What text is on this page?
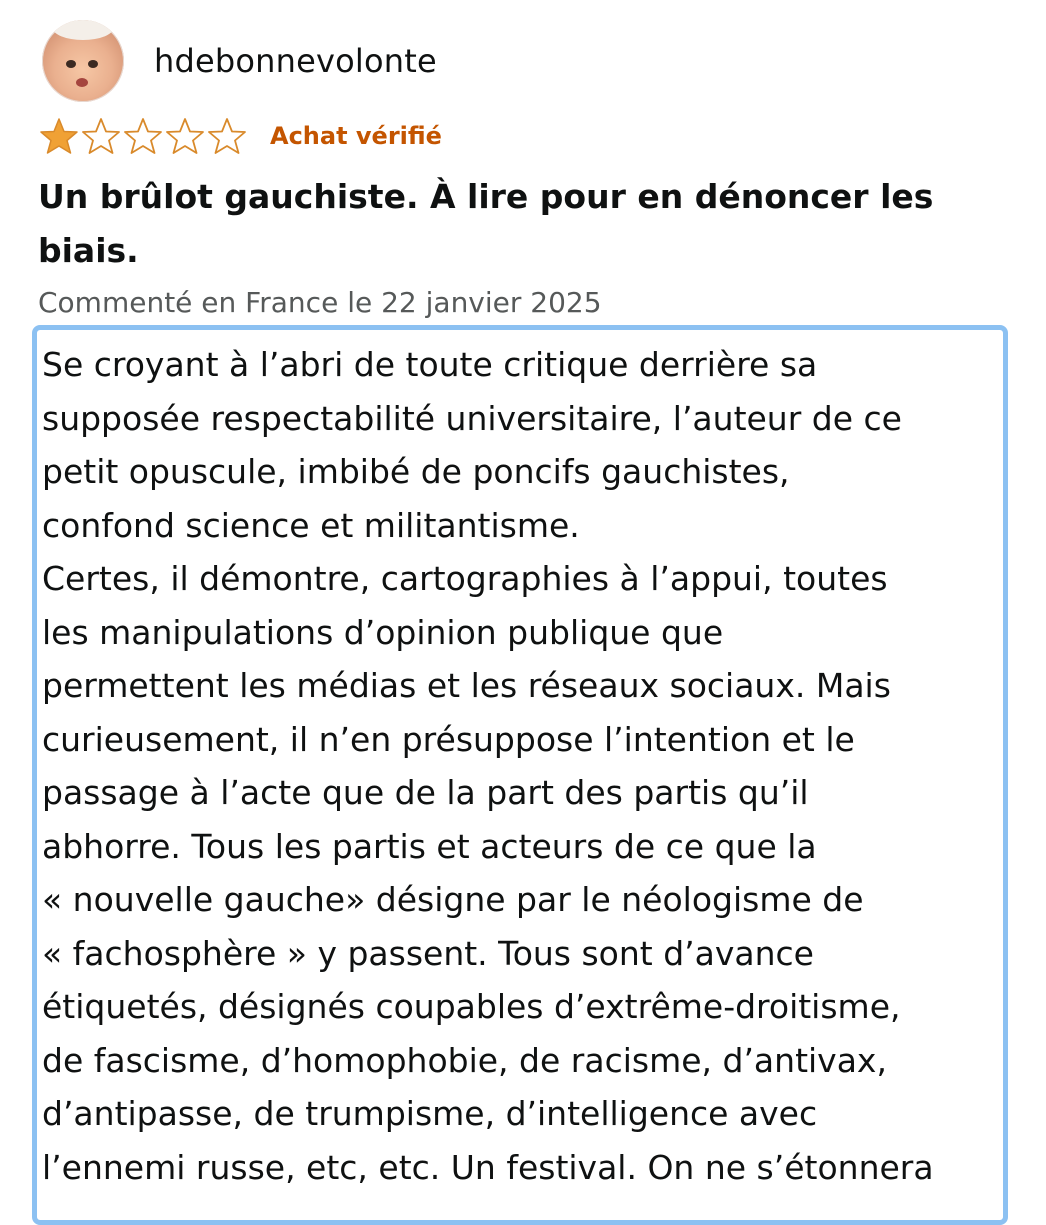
hdebonnevolonte
Achat vérifié
Un brûlot gauchiste. À lire pour en dénoncer les biais.
Commenté en France le 22 janvier 2025

Se croyant à l’abri de toute critique derrière sa
supposée respectabilité universitaire, l’auteur de ce
petit opuscule, imbibé de poncifs gauchistes,
confond science et militantisme.
Certes, il démontre, cartographies à l’appui, toutes
les manipulations d’opinion publique que
permettent les médias et les réseaux sociaux. Mais
curieusement, il n’en présuppose l’intention et le
passage à l’acte que de la part des partis qu’il
abhorre. Tous les partis et acteurs de ce que la
« nouvelle gauche» désigne par le néologisme de
« fachosphère » y passent. Tous sont d’avance
étiquetés, désignés coupables d’extrême-droitisme,
de fascisme, d’homophobie, de racisme, d’antivax,
d’antipasse, de trumpisme, d’intelligence avec
l’ennemi russe, etc, etc. Un festival. On ne s’étonnera
